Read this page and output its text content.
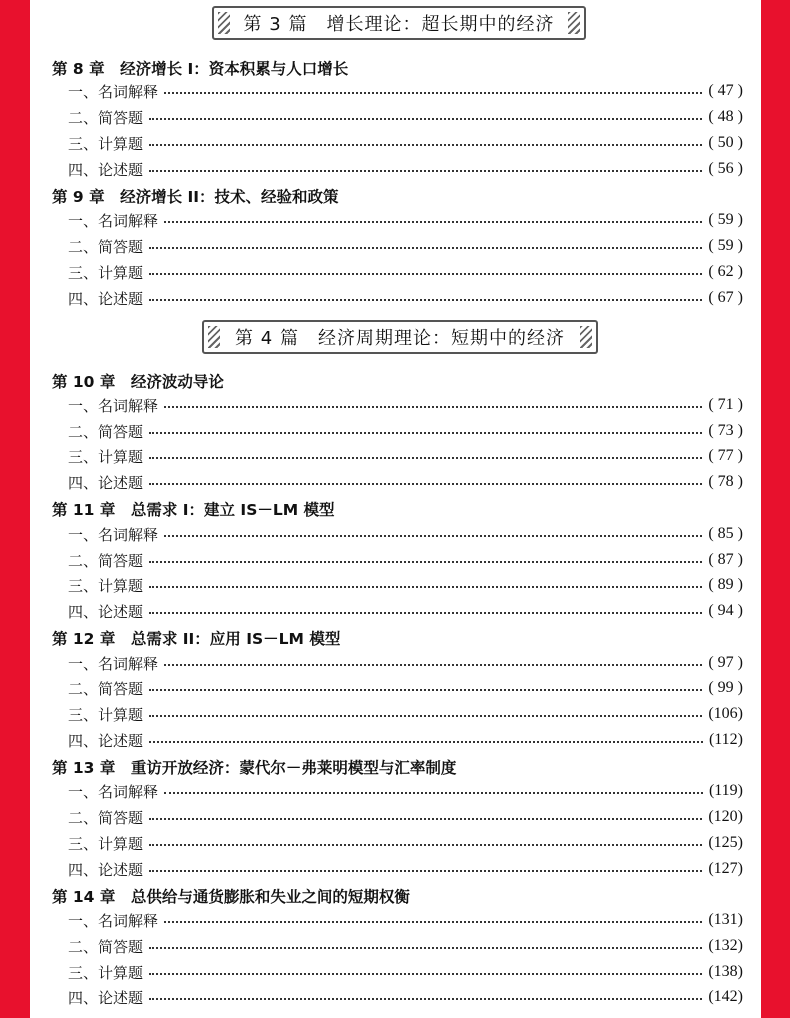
第 3 篇　增长理论：超长期中的经济
第 8 章　经济增长 I：资本积累与人口增长
一、名词解释	( 47 )
二、简答题	( 48 )
三、计算题	( 50 )
四、论述题	( 56 )
第 9 章　经济增长 II：技术、经验和政策
一、名词解释	( 59 )
二、简答题	( 59 )
三、计算题	( 62 )
四、论述题	( 67 )
第 4 篇　经济周期理论：短期中的经济
第 10 章　经济波动导论
一、名词解释	( 71 )
二、简答题	( 73 )
三、计算题	( 77 )
四、论述题	( 78 )
第 11 章　总需求 I：建立 IS－LM 模型
一、名词解释	( 85 )
二、简答题	( 87 )
三、计算题	( 89 )
四、论述题	( 94 )
第 12 章　总需求 II：应用 IS－LM 模型
一、名词解释	( 97 )
二、简答题	( 99 )
三、计算题	(106)
四、论述题	(112)
第 13 章　重访开放经济：蒙代尔－弗莱明模型与汇率制度
一、名词解释	(119)
二、简答题	(120)
三、计算题	(125)
四、论述题	(127)
第 14 章　总供给与通货膨胀和失业之间的短期权衡
一、名词解释	(131)
二、简答题	(132)
三、计算题	(138)
四、论述题	(142)
